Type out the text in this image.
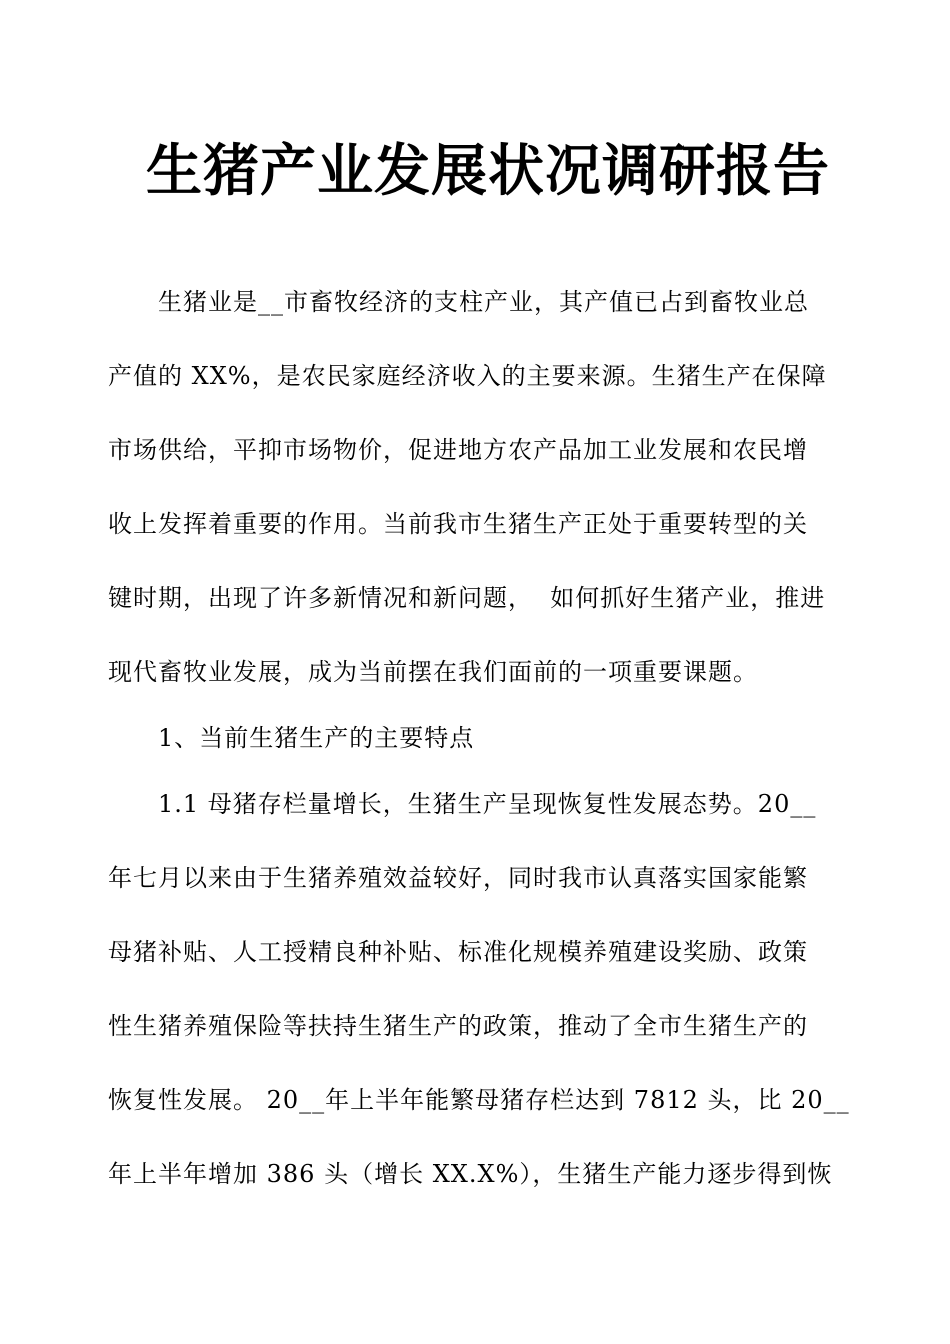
生猪产业发展状况调研报告
　　生猪业是__市畜牧经济的支柱产业，其产值已占到畜牧业总
产值的 XX%，是农民家庭经济收入的主要来源。生猪生产在保障
市场供给，平抑市场物价，促进地方农产品加工业发展和农民增
收上发挥着重要的作用。当前我市生猪生产正处于重要转型的关
键时期，出现了许多新情况和新问题，  如何抓好生猪产业，推进
现代畜牧业发展，成为当前摆在我们面前的一项重要课题。
　　1、当前生猪生产的主要特点
　　1.1 母猪存栏量增长，生猪生产呈现恢复性发展态势。20__
年七月以来由于生猪养殖效益较好，同时我市认真落实国家能繁
母猪补贴、人工授精良种补贴、标准化规模养殖建设奖励、政策
性生猪养殖保险等扶持生猪生产的政策，推动了全市生猪生产的
恢复性发展。 20__年上半年能繁母猪存栏达到 7812 头，比 20__
年上半年增加 386 头（增长 XX.X%），生猪生产能力逐步得到恢
